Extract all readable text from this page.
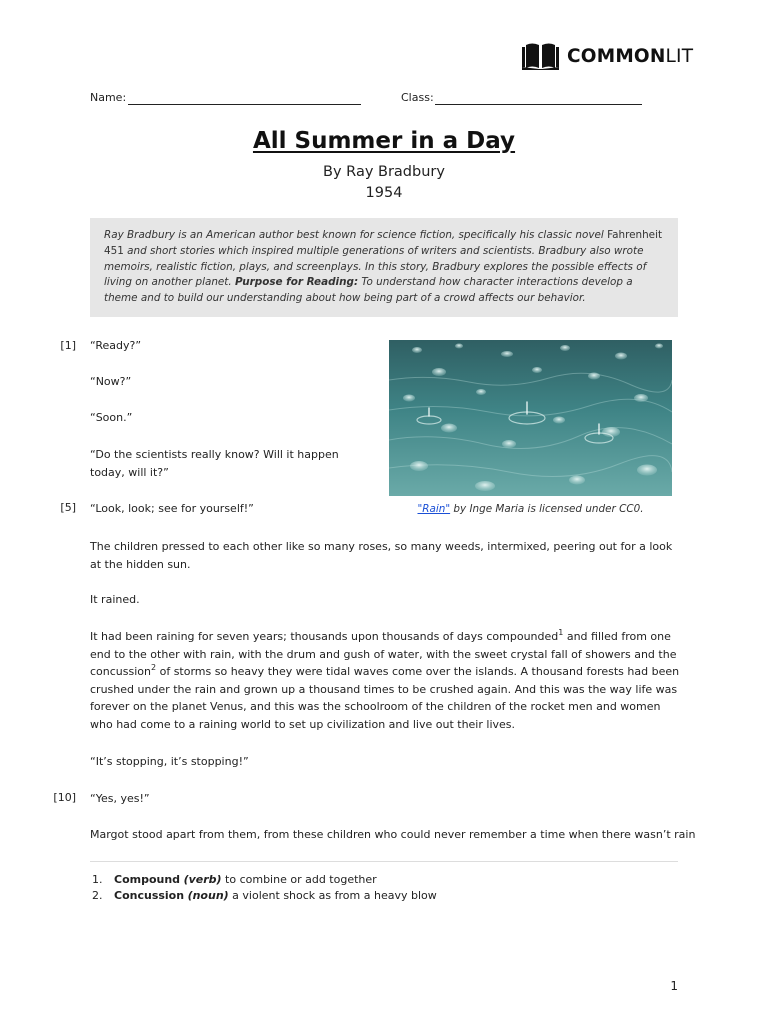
COMMONLIT
Name:	Class:
All Summer in a Day
By Ray Bradbury
1954
Ray Bradbury is an American author best known for science fiction, specifically his classic novel Fahrenheit 451 and short stories which inspired multiple generations of writers and scientists. Bradbury also wrote memoirs, realistic fiction, plays, and screenplays. In this story, Bradbury explores the possible effects of living on another planet. Purpose for Reading: To understand how character interactions develop a theme and to build our understanding about how being part of a crowd affects our behavior.
[1]
[5]
[10]
“Ready?”
“Now?”
“Soon.”
“Do the scientists really know? Will it happen today, will it?”
“Look, look; see for yourself!”
The children pressed to each other like so many roses, so many weeds, intermixed, peering out for a look at the hidden sun.
It rained.
It had been raining for seven years; thousands upon thousands of days compounded$^1$ and filled from one end to the other with rain, with the drum and gush of water, with the sweet crystal fall of showers and the concussion$^2$ of storms so heavy they were tidal waves come over the islands. A thousand forests had been crushed under the rain and grown up a thousand times to be crushed again. And this was the way life was forever on the planet Venus, and this was the schoolroom of the children of the rocket men and women who had come to a raining world to set up civilization and live out their lives.
“It’s stopping, it’s stopping!”
“Yes, yes!”
Margot stood apart from them, from these children who could never remember a time when there wasn’t rain
"Rain" by Inge Maria is licensed under CC0.
1. Compound (verb) to combine or add together
2. Concussion (noun) a violent shock as from a heavy blow
1
